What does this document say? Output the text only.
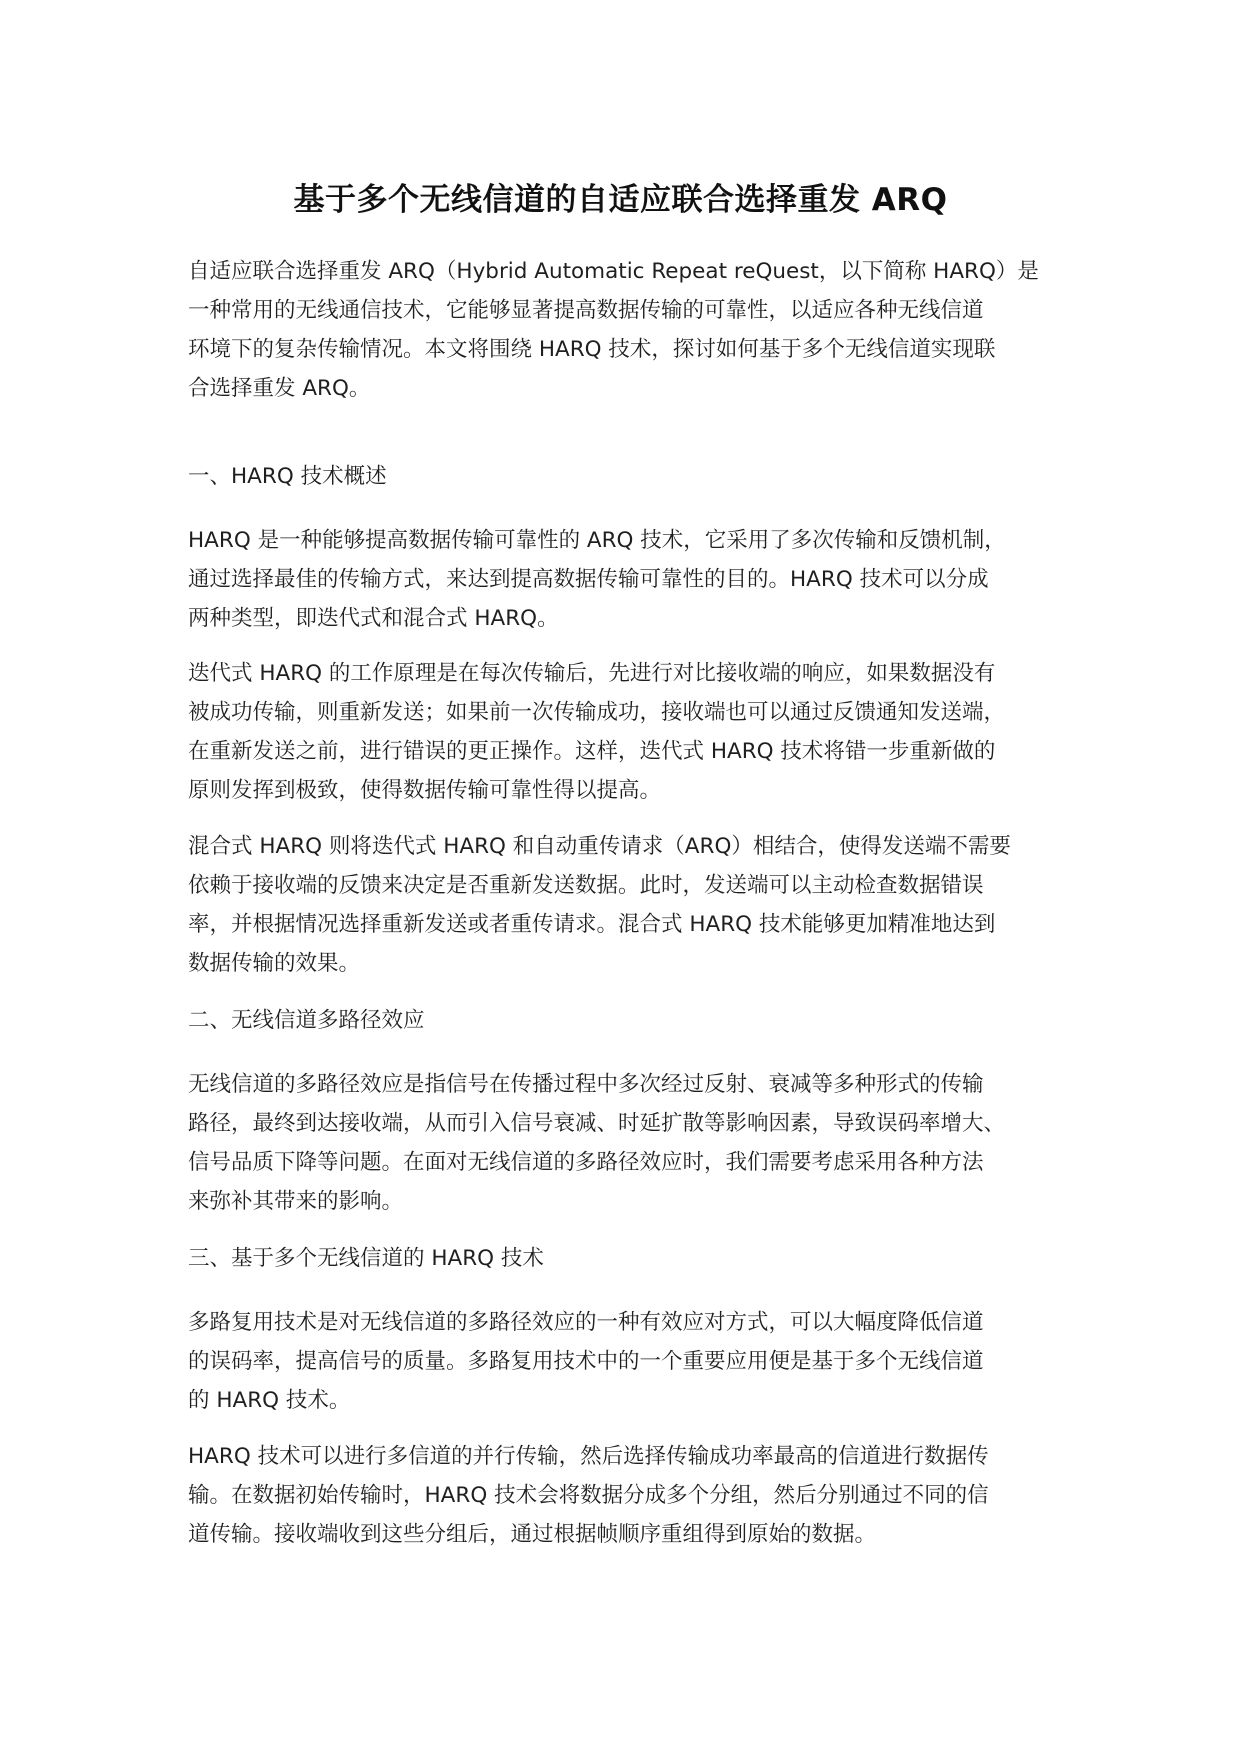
基于多个无线信道的自适应联合选择重发 ARQ
自适应联合选择重发 ARQ（Hybrid Automatic Repeat reQuest，以下简称 HARQ）是
一种常用的无线通信技术，它能够显著提高数据传输的可靠性，以适应各种无线信道
环境下的复杂传输情况。本文将围绕 HARQ 技术，探讨如何基于多个无线信道实现联
合选择重发 ARQ。
一、HARQ 技术概述
HARQ 是一种能够提高数据传输可靠性的 ARQ 技术，它采用了多次传输和反馈机制，
通过选择最佳的传输方式，来达到提高数据传输可靠性的目的。HARQ 技术可以分成
两种类型，即迭代式和混合式 HARQ。
迭代式 HARQ 的工作原理是在每次传输后，先进行对比接收端的响应，如果数据没有
被成功传输，则重新发送；如果前一次传输成功，接收端也可以通过反馈通知发送端，
在重新发送之前，进行错误的更正操作。这样，迭代式 HARQ 技术将错一步重新做的
原则发挥到极致，使得数据传输可靠性得以提高。
混合式 HARQ 则将迭代式 HARQ 和自动重传请求（ARQ）相结合，使得发送端不需要
依赖于接收端的反馈来决定是否重新发送数据。此时，发送端可以主动检查数据错误
率，并根据情况选择重新发送或者重传请求。混合式 HARQ 技术能够更加精准地达到
数据传输的效果。
二、无线信道多路径效应
无线信道的多路径效应是指信号在传播过程中多次经过反射、衰减等多种形式的传输
路径，最终到达接收端，从而引入信号衰减、时延扩散等影响因素，导致误码率增大、
信号品质下降等问题。在面对无线信道的多路径效应时，我们需要考虑采用各种方法
来弥补其带来的影响。
三、基于多个无线信道的 HARQ 技术
多路复用技术是对无线信道的多路径效应的一种有效应对方式，可以大幅度降低信道
的误码率，提高信号的质量。多路复用技术中的一个重要应用便是基于多个无线信道
的 HARQ 技术。
HARQ 技术可以进行多信道的并行传输，然后选择传输成功率最高的信道进行数据传
输。在数据初始传输时，HARQ 技术会将数据分成多个分组，然后分别通过不同的信
道传输。接收端收到这些分组后，通过根据帧顺序重组得到原始的数据。
